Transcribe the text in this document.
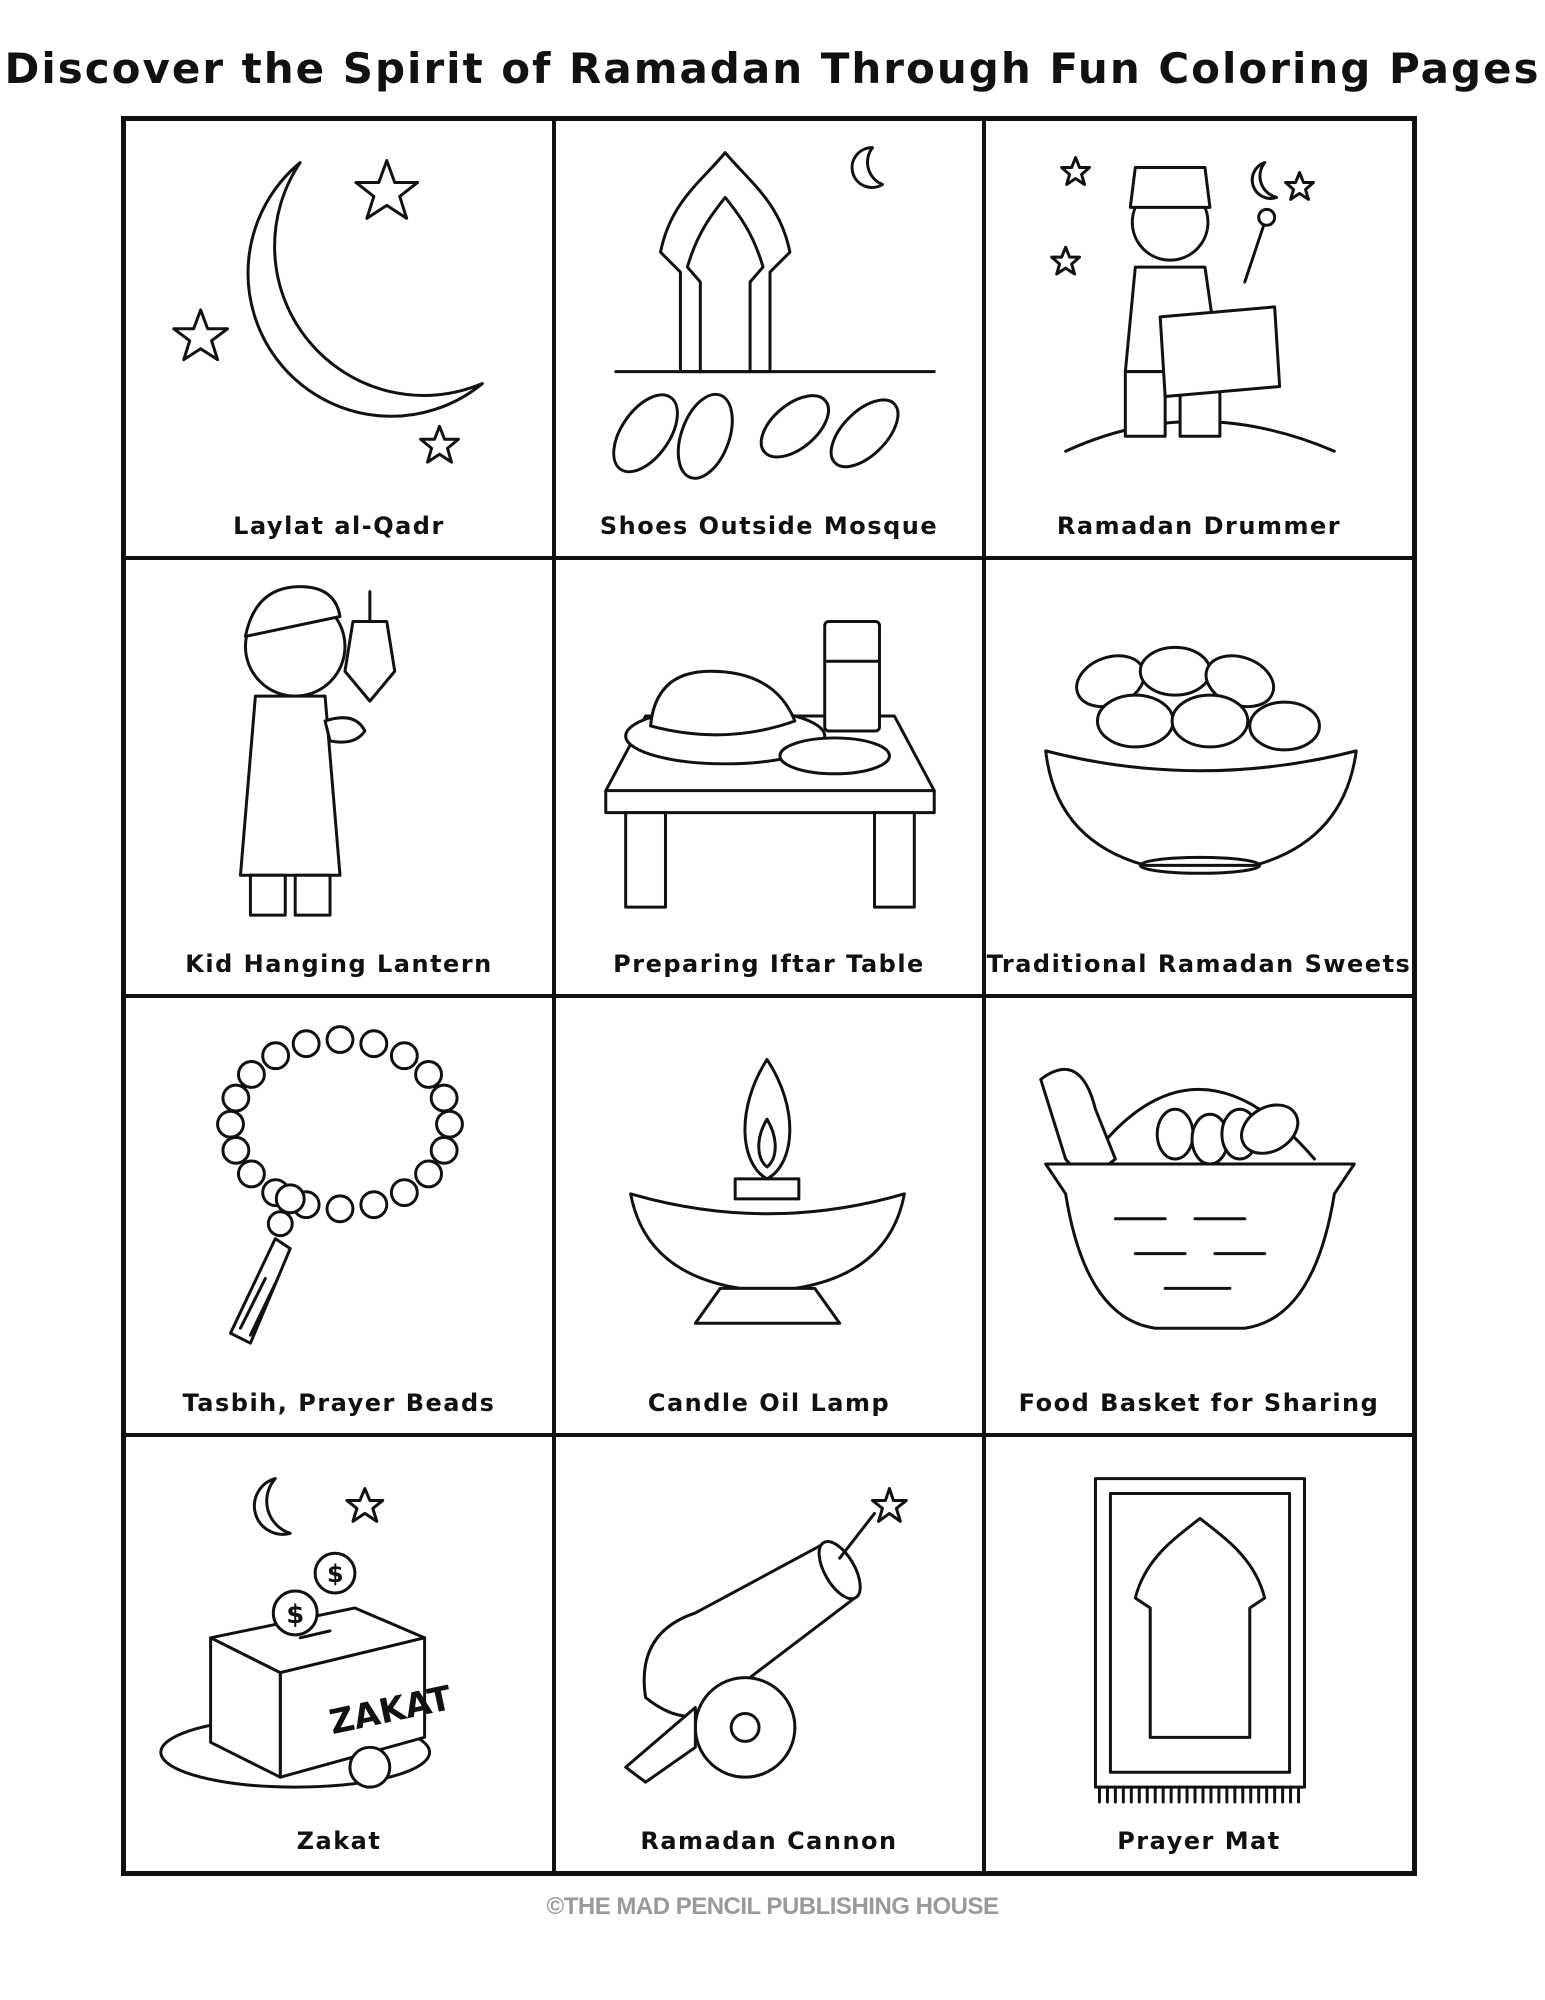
Discover the Spirit of Ramadan Through Fun Coloring Pages
Laylat al-Qadr	Shoes Outside Mosque	Ramadan Drummer
Kid Hanging Lantern	Preparing Iftar Table	Traditional Ramadan Sweets
Tasbih, Prayer Beads	Candle Oil Lamp	Food Basket for Sharing
ZAKAT
$
$
Zakat	Ramadan Cannon	Prayer Mat
©THE MAD PENCIL PUBLISHING HOUSE
